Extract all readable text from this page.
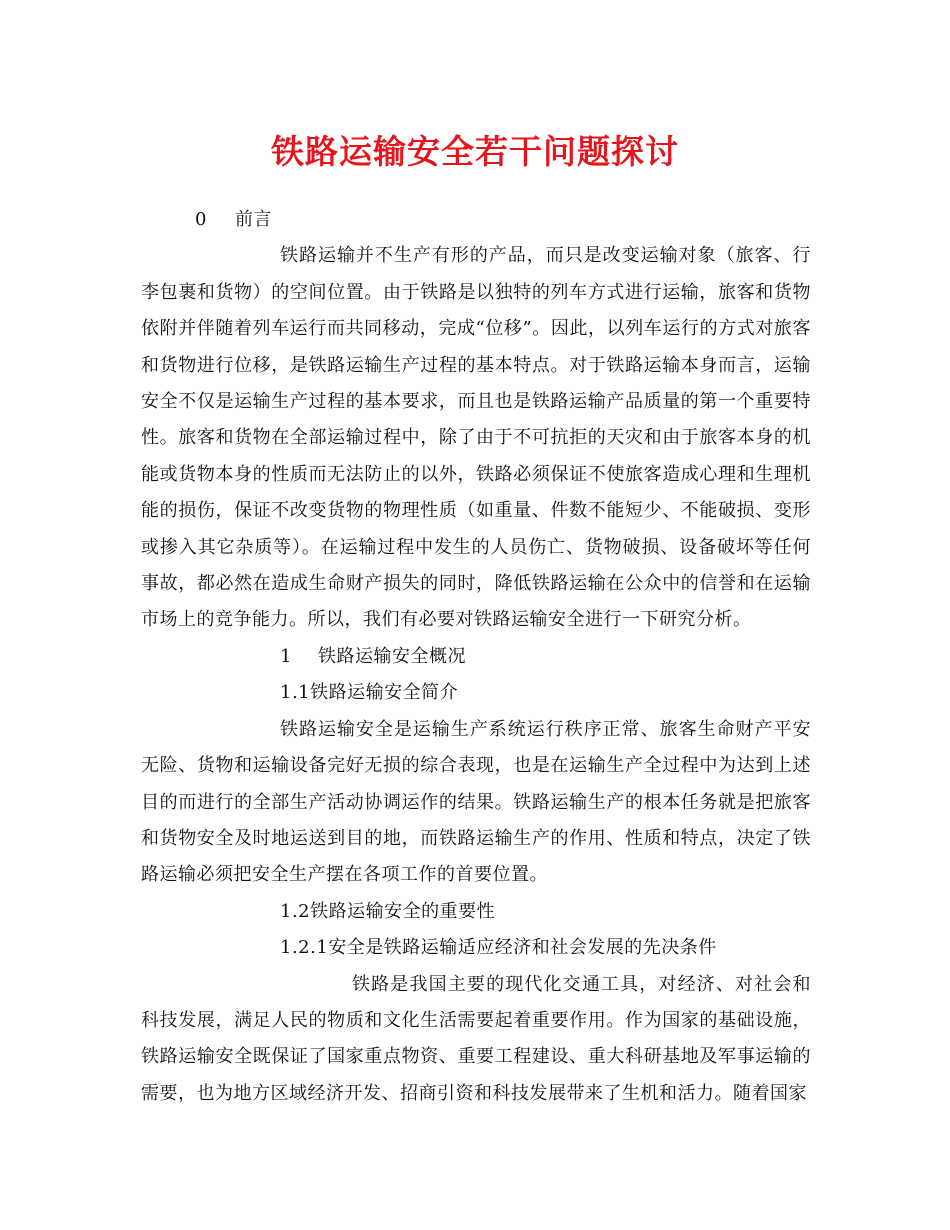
铁路运输安全若干问题探讨

0 前言

铁路运输并不生产有形的产品，而只是改变运输对象（旅客、行李包裹和货物）的空间位置。由于铁路是以独特的列车方式进行运输，旅客和货物依附并伴随着列车运行而共同移动，完成“位移”。因此，以列车运行的方式对旅客和货物进行位移，是铁路运输生产过程的基本特点。对于铁路运输本身而言，运输安全不仅是运输生产过程的基本要求，而且也是铁路运输产品质量的第一个重要特性。旅客和货物在全部运输过程中，除了由于不可抗拒的天灾和由于旅客本身的机能或货物本身的性质而无法防止的以外，铁路必须保证不使旅客造成心理和生理机能的损伤，保证不改变货物的物理性质（如重量、件数不能短少、不能破损、变形或掺入其它杂质等）。在运输过程中发生的人员伤亡、货物破损、设备破坏等任何事故，都必然在造成生命财产损失的同时，降低铁路运输在公众中的信誉和在运输市场上的竞争能力。所以，我们有必要对铁路运输安全进行一下研究分析。

1 铁路运输安全概况

1.1铁路运输安全简介

铁路运输安全是运输生产系统运行秩序正常、旅客生命财产平安无险、货物和运输设备完好无损的综合表现，也是在运输生产全过程中为达到上述目的而进行的全部生产活动协调运作的结果。铁路运输生产的根本任务就是把旅客和货物安全及时地运送到目的地，而铁路运输生产的作用、性质和特点，决定了铁路运输必须把安全生产摆在各项工作的首要位置。

1.2铁路运输安全的重要性

1.2.1安全是铁路运输适应经济和社会发展的先决条件

铁路是我国主要的现代化交通工具，对经济、对社会和科技发展，满足人民的物质和文化生活需要起着重要作用。作为国家的基础设施，铁路运输安全既保证了国家重点物资、重要工程建设、重大科研基地及军事运输的需要，也为地方区域经济开发、招商引资和科技发展带来了生机和活力。随着国家
